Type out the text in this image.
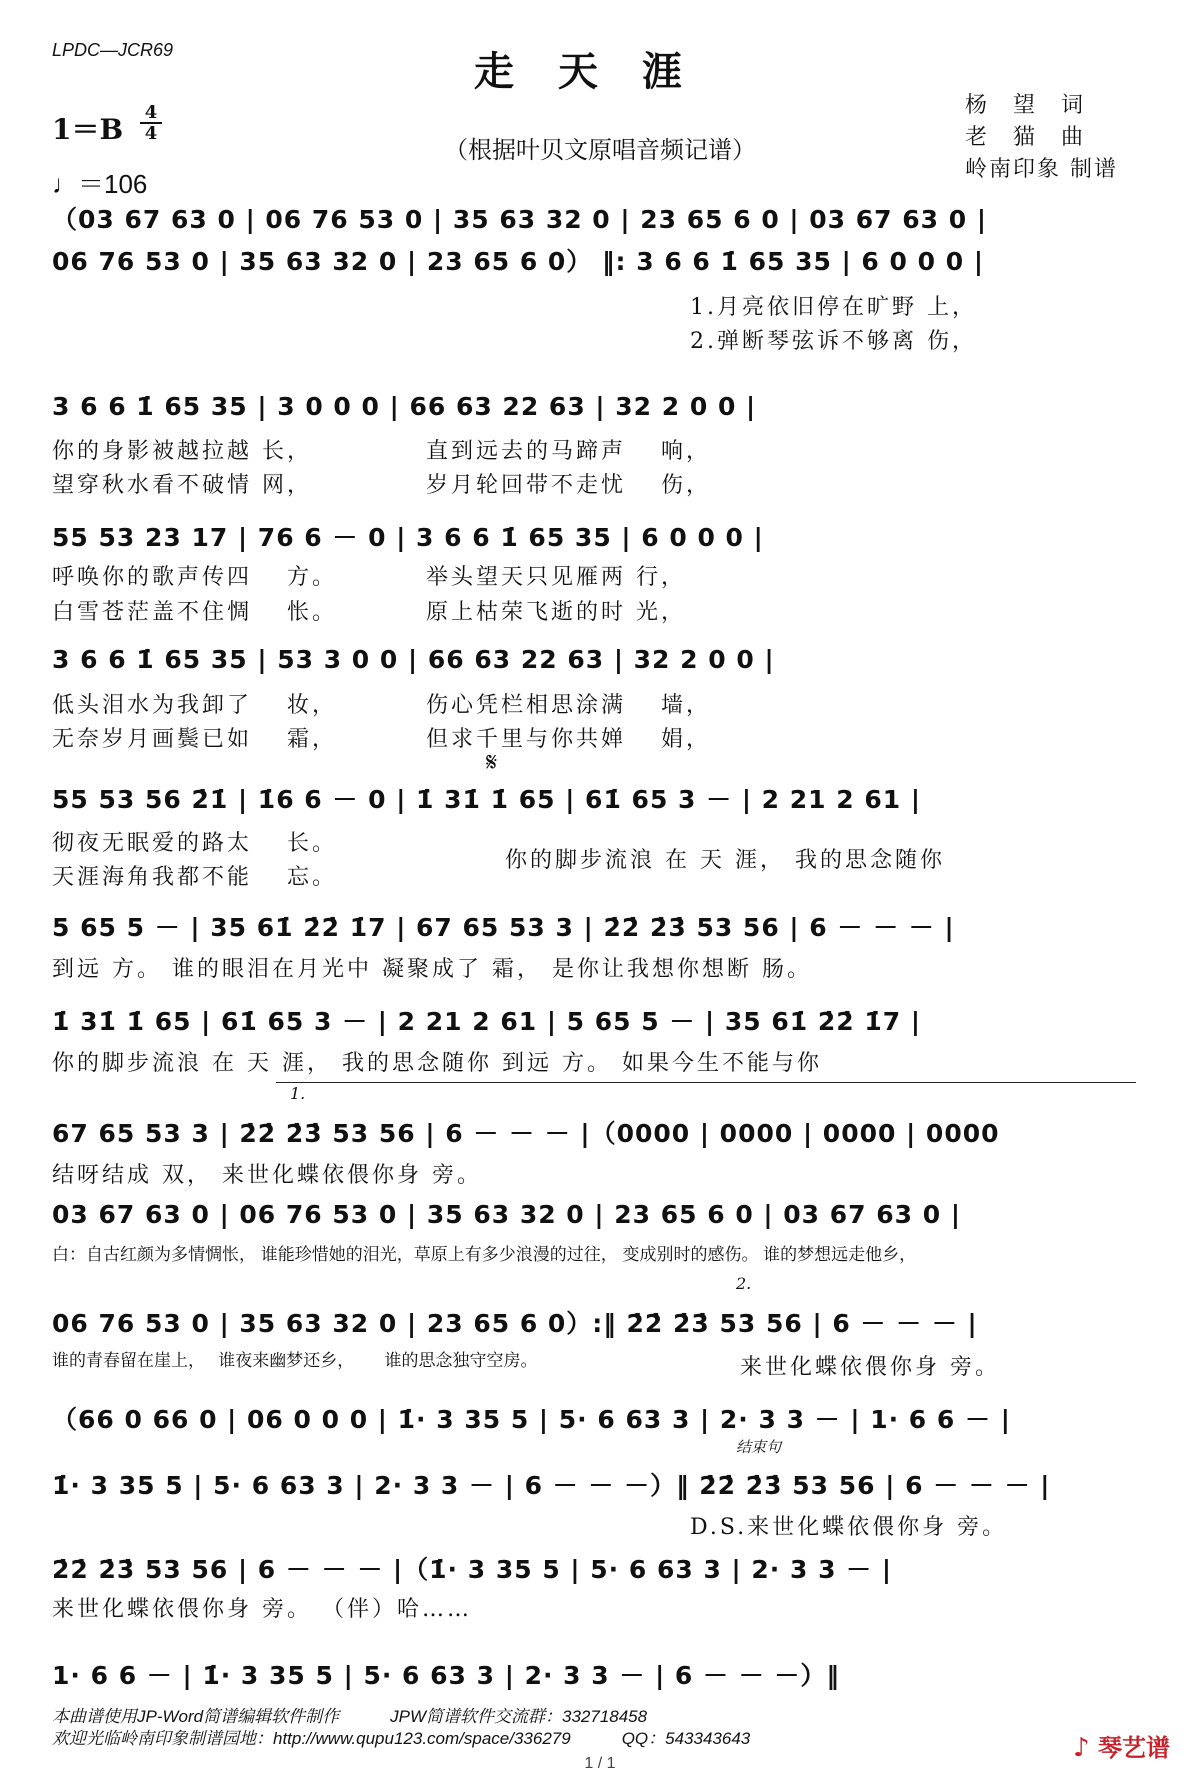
LPDC—JCR69	走天涯
1＝B
4
4
♩＝106
（根据叶贝文原唱音频记谱）
杨　望　词
老　猫　曲
岭南印象 制谱
（03 67 63 0 | 06 76 53 0 | 35 63 32 0 | 23 65 6 0 | 03 67 63 0 |
06 76 53 0 | 35 63 32 0 | 23 65 6 0） ‖: 3 6 6 1̇ 65 35 | 6 0 0 0 |
1.月亮依旧停在旷野 上，
2.弹断琴弦诉不够离 伤，
3 6 6 1̇ 65 35 | 3 0 0 0 | 66 63 22 63 | 32 2 0 0 |
你的身影被越拉越 长，　　　　　直到远去的马蹄声　 响，
望穿秋水看不破情 网，　　　　　岁月轮回带不走忧　 伤，
55 53 23 17 | 76 6 － 0 | 3 6 6 1̇ 65 35 | 6 0 0 0 |
呼唤你的歌声传四　 方。　　　　举头望天只见雁两 行，
白雪苍茫盖不住惆　 怅。　　　　原上枯荣飞逝的时 光，
3 6 6 1̇ 65 35 | 53 3 0 0 | 66 63 22 63 | 32 2 0 0 |
低头泪水为我卸了　 妆，　　　　伤心凭栏相思涂满　 墙，
无奈岁月画鬓已如　 霜，　　　　但求千里与你共婵　 娟，
𝄋
55 53 56 2̇1̇ | 1̇6 6 － 0 | 1̇ 31̇ 1̇ 65 | 61̇ 65 3 － | 2 21 2 61 |
彻夜无眠爱的路太　 长。
天涯海角我都不能　 忘。
你的脚步流浪 在 天 涯， 我的思念随你
5 65 5 － | 35 61̇ 2̇2̇ 1̇7 | 67 65 53 3 | 2̇2̇ 2̇3̇ 53 56 | 6 － － － |
到远 方。 谁的眼泪在月光中 凝聚成了 霜， 是你让我想你想断 肠。
1̇ 31̇ 1̇ 65 | 61̇ 65 3 － | 2 21 2 61 | 5 65 5 － | 35 61̇ 2̇2̇ 1̇7 |
你的脚步流浪 在 天 涯， 我的思念随你 到远 方。 如果今生不能与你
1.
67 65 53 3 | 2̇2̇ 2̇3̇ 53 56 | 6 － － － |（0000 | 0000 | 0000 | 0000
结呀结成 双， 来世化蝶依偎你身 旁。
03 67 63 0 | 06 76 53 0 | 35 63 32 0 | 23 65 6 0 | 03 67 63 0 |
白：自古红颜为多情惆怅， 谁能珍惜她的泪光，草原上有多少浪漫的过往， 变成别时的感伤。 谁的梦想远走他乡，
2.
06 76 53 0 | 35 63 32 0 | 23 65 6 0）:‖ 2̇2̇ 2̇3̇ 53 56 | 6 － － － |
谁的青春留在崖上，　 谁夜来幽梦还乡，　　 谁的思念独守空房。	来世化蝶依偎你身 旁。
（66 0 66 0 | 06 0 0 0 | 1̇· 3 35 5 | 5· 6 63 3 | 2· 3 3 － | 1· 6 6 － |
结束句
1̇· 3 35 5 | 5· 6 63 3 | 2· 3 3 － | 6 － － －）‖ 2̇2̇ 2̇3̇ 53 56 | 6 － － － |
D.S.来世化蝶依偎你身 旁。
2̇2̇ 2̇3̇ 53 56 | 6 － － － |（1̇· 3 35 5 | 5· 6 63 3 | 2· 3 3 － |
来世化蝶依偎你身 旁。 （伴）哈……
1· 6 6 － | 1̇· 3 35 5 | 5· 6 63 3 | 2· 3 3 － | 6 － － －）‖
本曲谱使用JP-Word简谱编辑软件制作　　　JPW简谱软件交流群：332718458
欢迎光临岭南印象制谱园地：http://www.qupu123.com/space/336279　　　QQ：543343643	♪ 琴艺谱
1 / 1
